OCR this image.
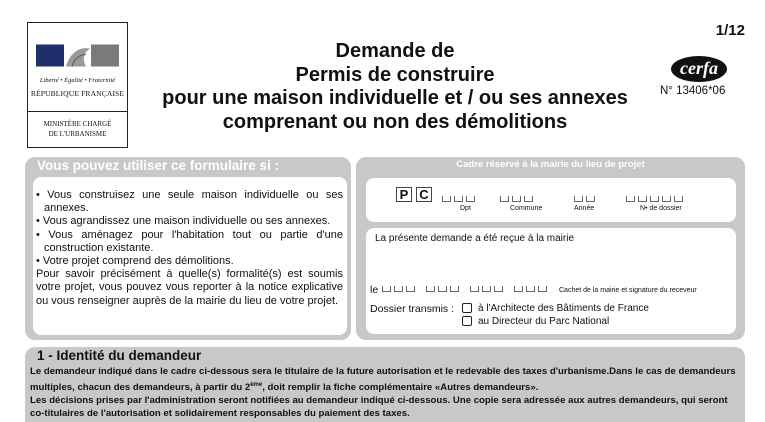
Liberté • Égalité • Fraternité
RÉPUBLIQUE FRANÇAISE
MINISTÈRE CHARGÉ
DE L'URBANISME
Demande de
Permis de construire
pour une maison individuelle et / ou ses annexes
comprenant ou non des démolitions
1/12
cerfa
N° 13406*06
Vous pouvez utiliser ce formulaire si :
• Vous construisez une seule maison individuelle ou ses annexes.
• Vous agrandissez une maison individuelle ou ses annexes.
• Vous aménagez pour l'habitation tout ou partie d'une construction existante.
• Votre projet comprend des démolitions.
Pour savoir précisément à quelle(s) formalité(s) est soumis votre projet, vous pouvez vous reporter à la notice explicative ou vous renseigner auprès de la mairie du lieu de votre projet.
Cadre réservé à la mairie du lieu de projet
P C
Dpt	Commune	Année	N• de dossier
La présente demande a été reçue à la mairie
le	Cachet de la mairie et signature du receveur
Dossier transmis : à l'Architecte des Bâtiments de France
au Directeur du Parc National
1 - Identité du demandeur
Le demandeur indiqué dans le cadre ci-dessous sera le titulaire de la future autorisation et le redevable des taxes d'urbanisme.Dans le cas de demandeurs multiples, chacun des demandeurs, à partir du 2ème, doit remplir la fiche complémentaire «Autres demandeurs».
Les décisions prises par l'administration seront notifiées au demandeur indiqué ci-dessous. Une copie sera adressée aux autres demandeurs, qui seront co-titulaires de l'autorisation et solidairement responsables du paiement des taxes.
